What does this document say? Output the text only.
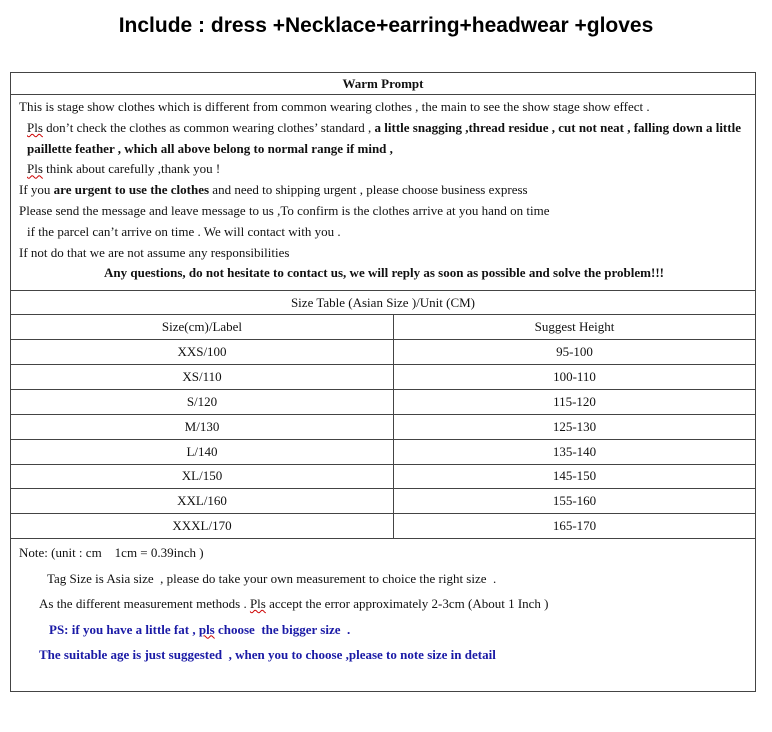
Include : dress +Necklace+earring+headwear +gloves
Warm Prompt
This is stage show clothes which is different from common wearing clothes , the main to see the show stage show effect .
Pls don’t check the clothes as common wearing clothes’ standard , a little snagging ,thread residue , cut not neat , falling down a little paillette feather , which all above belong to normal range if mind ,
Pls think about carefully ,thank you !
If you are urgent to use the clothes and need to shipping urgent , please choose business express
Please send the message and leave message to us ,To confirm is the clothes arrive at you hand on time
if the parcel can’t arrive on time . We will contact with you .
If not do that we are not assume any responsibilities
Any questions, do not hesitate to contact us, we will reply as soon as possible and solve the problem!!!
Size Table (Asian Size )/Unit (CM)
Size(cm)/Label	Suggest Height
XXS/100	95-100
XS/110	100-110
S/120	115-120
M/130	125-130
L/140	135-140
XL/150	145-150
XXL/160	155-160
XXXL/170	165-170
Note: (unit : cm    1cm = 0.39inch )
Tag Size is Asia size  , please do take your own measurement to choice the right size  .
As the different measurement methods . Pls accept the error approximately 2-3cm (About 1 Inch )
PS: if you have a little fat , pls choose  the bigger size  .
The suitable age is just suggested  , when you to choose ,please to note size in detail
